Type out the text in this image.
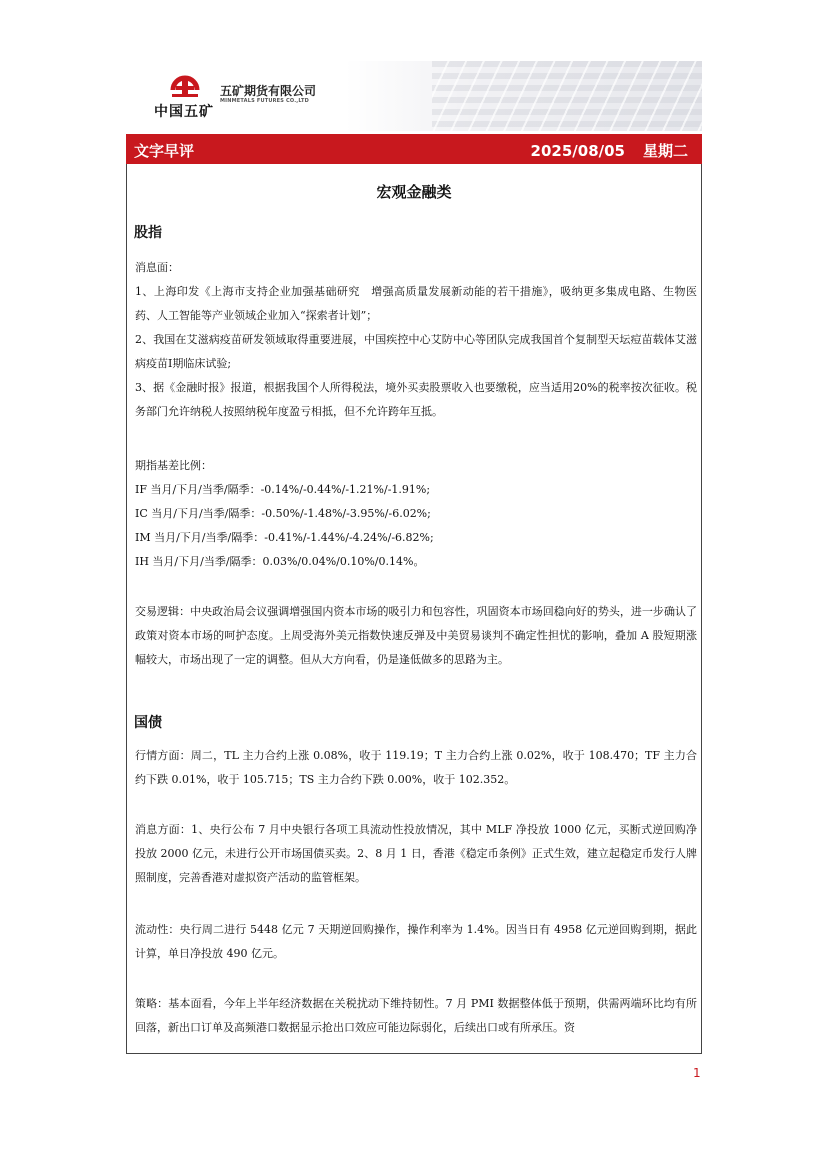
中国五矿
五矿期货有限公司
MINMETALS FUTURES CO.,LTD
文字早评	2025/08/05 星期二
宏观金融类
股指
消息面：
1、上海印发《上海市支持企业加强基础研究　增强高质量发展新动能的若干措施》，吸纳更多集成电路、生物医药、人工智能等产业领域企业加入“探索者计划”；
2、我国在艾滋病疫苗研发领域取得重要进展，中国疾控中心艾防中心等团队完成我国首个复制型天坛痘苗载体艾滋病疫苗Ⅰ期临床试验;
3、据《金融时报》报道，根据我国个人所得税法，境外买卖股票收入也要缴税，应当适用20%的税率按次征收。税务部门允许纳税人按照纳税年度盈亏相抵，但不允许跨年互抵。
期指基差比例：
IF 当月/下月/当季/隔季：-0.14%/-0.44%/-1.21%/-1.91%;
IC 当月/下月/当季/隔季：-0.50%/-1.48%/-3.95%/-6.02%;
IM 当月/下月/当季/隔季：-0.41%/-1.44%/-4.24%/-6.82%;
IH 当月/下月/当季/隔季：0.03%/0.04%/0.10%/0.14%。
交易逻辑：中央政治局会议强调增强国内资本市场的吸引力和包容性，巩固资本市场回稳向好的势头，进一步确认了政策对资本市场的呵护态度。上周受海外美元指数快速反弹及中美贸易谈判不确定性担忧的影响，叠加 A 股短期涨幅较大，市场出现了一定的调整。但从大方向看，仍是逢低做多的思路为主。
国债
行情方面：周二，TL 主力合约上涨 0.08%，收于 119.19；T 主力合约上涨 0.02%，收于 108.470；TF 主力合约下跌 0.01%，收于 105.715；TS 主力合约下跌 0.00%，收于 102.352。
消息方面：1、央行公布 7 月中央银行各项工具流动性投放情况，其中 MLF 净投放 1000 亿元，买断式逆回购净投放 2000 亿元，未进行公开市场国债买卖。2、8 月 1 日，香港《稳定币条例》正式生效，建立起稳定币发行人牌照制度，完善香港对虚拟资产活动的监管框架。
流动性：央行周二进行 5448 亿元 7 天期逆回购操作，操作利率为 1.4%。因当日有 4958 亿元逆回购到期，据此计算，单日净投放 490 亿元。
策略：基本面看，今年上半年经济数据在关税扰动下维持韧性。7 月 PMI 数据整体低于预期，供需两端环比均有所回落，新出口订单及高频港口数据显示抢出口效应可能边际弱化，后续出口或有所承压。资
1
